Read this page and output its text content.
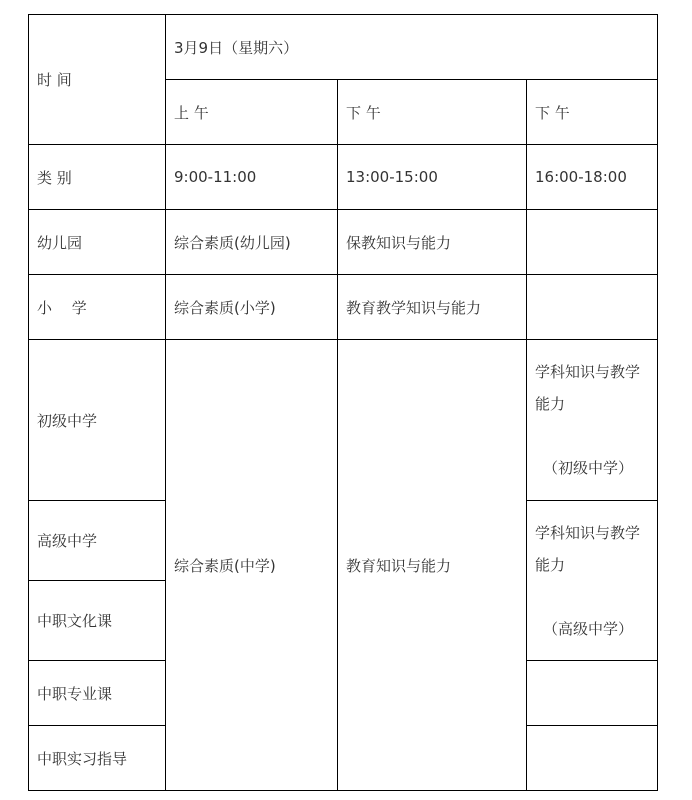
时 间	3月9日（星期六）		
	上 午	下 午	下 午
类 别	9:00-11:00	13:00-15:00	16:00-18:00
幼儿园	综合素质(幼儿园)	保教知识与能力	
小　 学	综合素质(小学)	教育教学知识与能力	
初级中学	综合素质(中学)	教育知识与能力	学科知识与教学
能力
（初级中学）

高级中学			学科知识与教学
能力
（高级中学）

中职文化课			
中职专业课			
中职实习指导			
